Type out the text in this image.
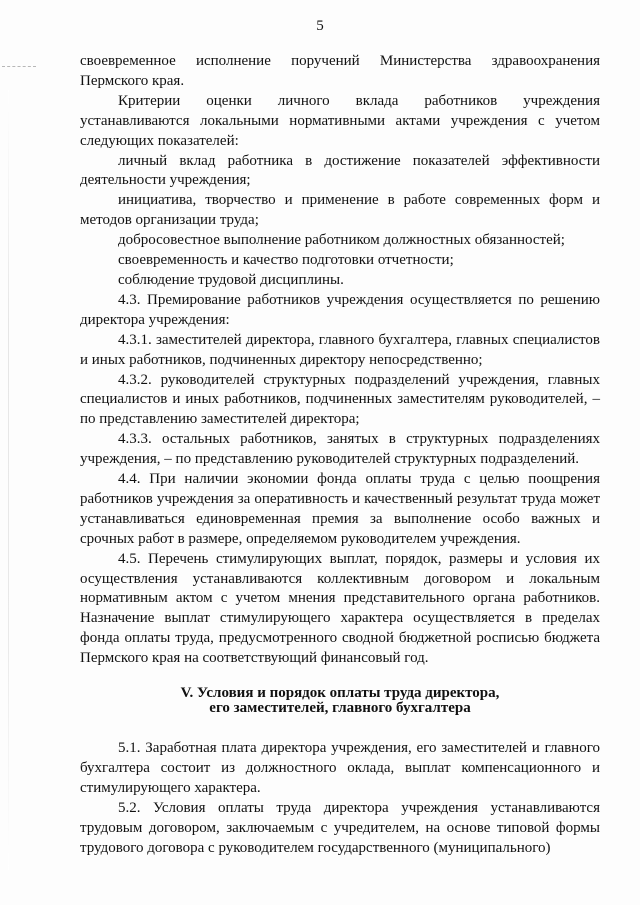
5

своевременное исполнение поручений Министерства здравоохранения Пермского края.

Критерии оценки личного вклада работников учреждения устанавливаются локальными нормативными актами учреждения с учетом следующих показателей:

личный вклад работника в достижение показателей эффективности деятельности учреждения;

инициатива, творчество и применение в работе современных форм и методов организации труда;

добросовестное выполнение работником должностных обязанностей;

своевременность и качество подготовки отчетности;

соблюдение трудовой дисциплины.

4.3. Премирование работников учреждения осуществляется по решению директора учреждения:

4.3.1. заместителей директора, главного бухгалтера, главных специалистов и иных работников, подчиненных директору непосредственно;

4.3.2. руководителей структурных подразделений учреждения, главных специалистов и иных работников, подчиненных заместителям руководителей, – по представлению заместителей директора;

4.3.3. остальных работников, занятых в структурных подразделениях учреждения, – по представлению руководителей структурных подразделений.

4.4. При наличии экономии фонда оплаты труда с целью поощрения работников учреждения за оперативность и качественный результат труда может устанавливаться единовременная премия за выполнение особо важных и срочных работ в размере, определяемом руководителем учреждения.

4.5. Перечень стимулирующих выплат, порядок, размеры и условия их осуществления устанавливаются коллективным договором и локальным нормативным актом с учетом мнения представительного органа работников. Назначение выплат стимулирующего характера осуществляется в пределах фонда оплаты труда, предусмотренного сводной бюджетной росписью бюджета Пермского края на соответствующий финансовый год.

V. Условия и порядок оплаты труда директора,
его заместителей, главного бухгалтера

5.1. Заработная плата директора учреждения, его заместителей и главного бухгалтера состоит из должностного оклада, выплат компенсационного и стимулирующего характера.

5.2. Условия оплаты труда директора учреждения устанавливаются трудовым договором, заключаемым с учредителем, на основе типовой формы трудового договора с руководителем государственного (муниципального)
